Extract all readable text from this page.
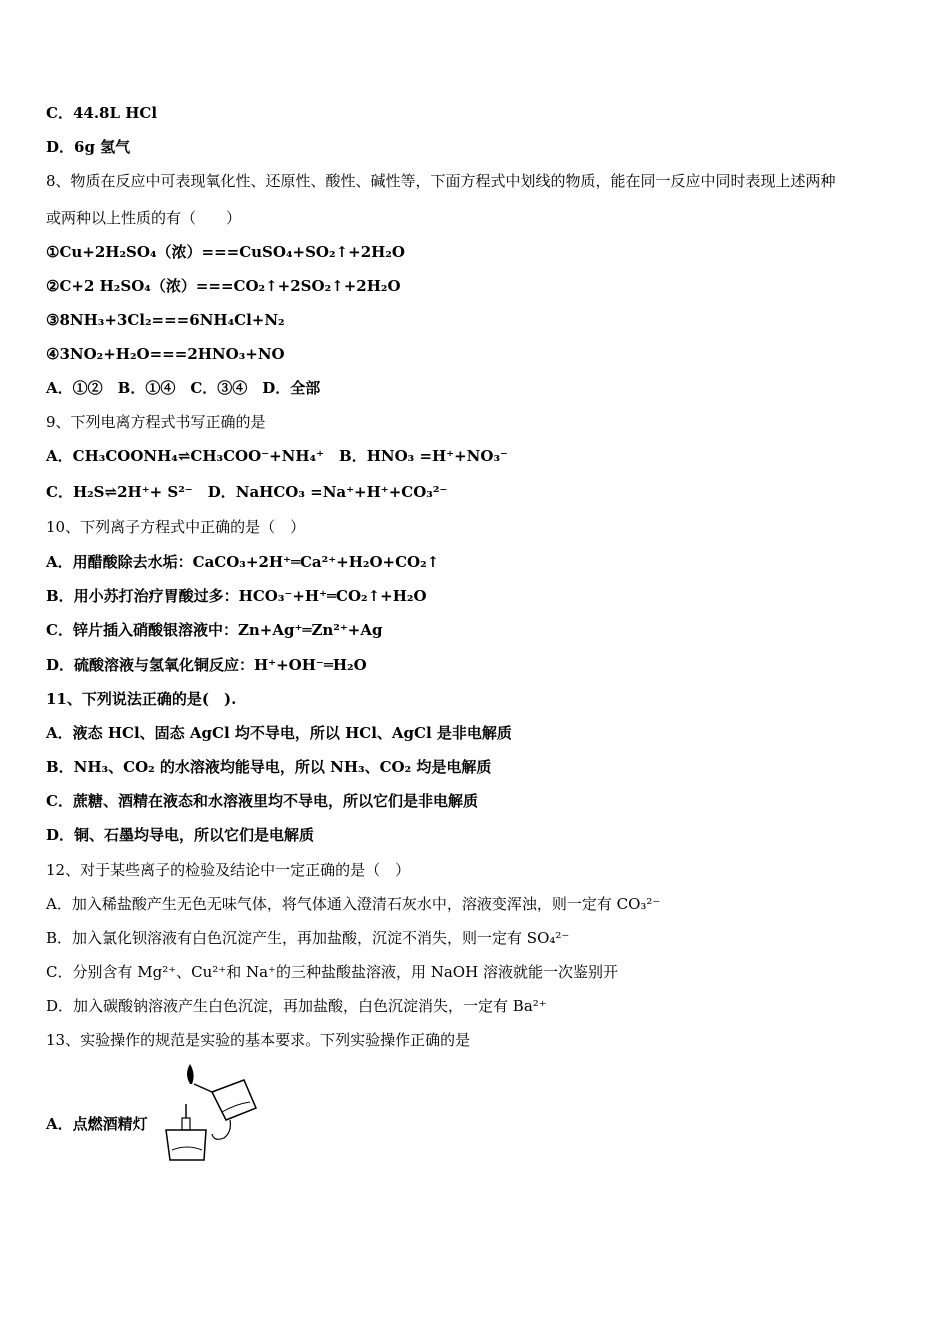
C．44.8L HCl
D．6g 氢气
8、物质在反应中可表现氧化性、还原性、酸性、碱性等，下面方程式中划线的物质，能在同一反应中同时表现上述两种
或两种以上性质的有（　　）
①Cu+2H₂SO₄（浓）===CuSO₄+SO₂↑+2H₂O
②C+2 H₂SO₄（浓）===CO₂↑+2SO₂↑+2H₂O
③8NH₃+3Cl₂===6NH₄Cl+N₂
④3NO₂+H₂O===2HNO₃+NO
A．①②　B．①④　C．③④　D．全部
9、下列电离方程式书写正确的是
A．CH₃COONH₄⇌CH₃COO⁻+NH₄⁺　B．HNO₃ =H⁺+NO₃⁻
C．H₂S⇌2H⁺+ S²⁻　D．NaHCO₃ =Na⁺+H⁺+CO₃²⁻
10、下列离子方程式中正确的是（　）
A．用醋酸除去水垢：CaCO₃+2H⁺═Ca²⁺+H₂O+CO₂↑
B．用小苏打治疗胃酸过多：HCO₃⁻+H⁺═CO₂↑+H₂O
C．锌片插入硝酸银溶液中：Zn+Ag⁺═Zn²⁺+Ag
D．硫酸溶液与氢氧化铜反应：H⁺+OH⁻═H₂O
11、下列说法正确的是(　).
A．液态 HCl、固态 AgCl 均不导电，所以 HCl、AgCl 是非电解质
B．NH₃、CO₂ 的水溶液均能导电，所以 NH₃、CO₂ 均是电解质
C．蔗糖、酒精在液态和水溶液里均不导电，所以它们是非电解质
D．铜、石墨均导电，所以它们是电解质
12、对于某些离子的检验及结论中一定正确的是（　）
A．加入稀盐酸产生无色无味气体，将气体通入澄清石灰水中，溶液变浑浊，则一定有 CO₃²⁻
B．加入氯化钡溶液有白色沉淀产生，再加盐酸，沉淀不消失，则一定有 SO₄²⁻
C．分别含有 Mg²⁺、Cu²⁺和 Na⁺的三种盐酸盐溶液，用 NaOH 溶液就能一次鉴别开
D．加入碳酸钠溶液产生白色沉淀，再加盐酸，白色沉淀消失，一定有 Ba²⁺
13、实验操作的规范是实验的基本要求。下列实验操作正确的是
A．点燃酒精灯
